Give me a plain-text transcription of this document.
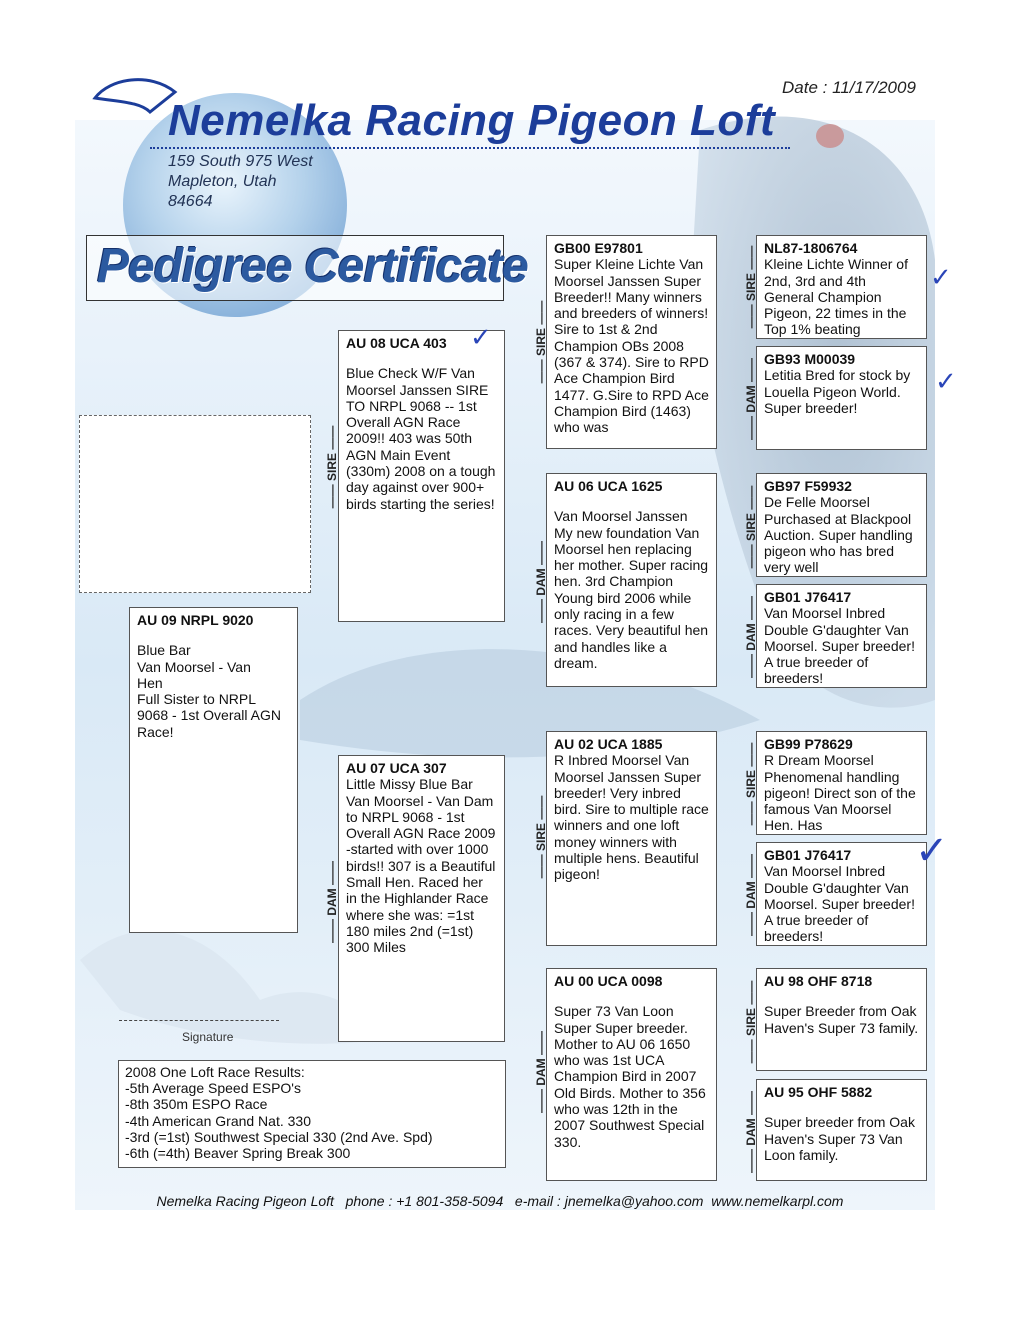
Nemelka Racing Pigeon Loft
Date : 11/17/2009
159 South 975 West
Mapleton, Utah
84664
Pedigree Certificate
AU 09 NRPL 9020
Blue Bar
Van Moorsel - Van
Hen
Full Sister to NRPL
9068 - 1st Overall AGN
Race!
AU 08 UCA 403
Blue Check W/F Van Moorsel Janssen SIRE TO NRPL 9068 -- 1st Overall AGN Race 2009!! 403 was 50th AGN Main Event (330m) 2008 on a tough day against over 900+ birds starting the series!
—— SIRE ——
AU 07 UCA 307
Little Missy Blue Bar Van Moorsel - Van Dam to NRPL 9068 - 1st Overall AGN Race 2009 -started with over 1000 birds!! 307 is a Beautiful Small Hen. Raced her in the Highlander Race where she was: =1st 180 miles 2nd (=1st) 300 Miles
—— DAM ——
GB00 E97801
Super Kleine Lichte Van Moorsel Janssen Super Breeder!! Many winners and breeders of winners! Sire to 1st & 2nd Champion OBs 2008 (367 & 374). Sire to RPD Ace Champion Bird 1477. G.Sire to RPD Ace Champion Bird (1463) who was
—— SIRE ——
AU 06 UCA 1625
Van Moorsel Janssen My new foundation Van Moorsel hen replacing her mother. Super racing hen. 3rd Champion Young bird 2006 while only racing in a few races. Very beautiful hen and handles like a dream.
—— DAM ——
AU 02 UCA 1885
R Inbred Moorsel Van Moorsel Janssen Super breeder! Very inbred bird. Sire to multiple race winners and one loft money winners with multiple hens. Beautiful pigeon!
—— SIRE ——
AU 00 UCA 0098
Super 73 Van Loon Super Super breeder. Mother to AU 06 1650 who was 1st UCA Champion Bird in 2007 Old Birds. Mother to 356 who was 12th in the 2007 Southwest Special 330.
—— DAM ——
NL87-1806764
Kleine Lichte Winner of 2nd, 3rd and 4th General Champion Pigeon, 22 times in the Top 1% beating
—— SIRE ——
GB93 M00039
Letitia Bred for stock by Louella Pigeon World. Super breeder!
—— DAM ——
GB97 F59932
De Felle Moorsel Purchased at Blackpool Auction. Super handling pigeon who has bred very well
—— SIRE ——
GB01 J76417
Van Moorsel Inbred Double G'daughter Van Moorsel. Super breeder! A true breeder of breeders!
—— DAM ——
GB99 P78629
R Dream Moorsel Phenomenal handling pigeon! Direct son of the famous Van Moorsel Hen. Has
—— SIRE ——
GB01 J76417
Van Moorsel Inbred Double G'daughter Van Moorsel. Super breeder! A true breeder of breeders!
—— DAM ——
AU 98 OHF 8718
Super Breeder from Oak Haven's Super 73 family.
—— SIRE ——
AU 95 OHF 5882
Super breeder from Oak Haven's Super 73 Van Loon family.
—— DAM ——
✓
✓
✓
✓
Signature
2008 One Loft Race Results:
-5th Average Speed ESPO's
-8th 350m ESPO Race
-4th American Grand Nat. 330
-3rd (=1st) Southwest Special 330 (2nd Ave. Spd)
-6th (=4th) Beaver Spring Break 300
Nemelka Racing Pigeon Loft   phone : +1 801-358-5094   e-mail : jnemelka@yahoo.com  www.nemelkarpl.com
